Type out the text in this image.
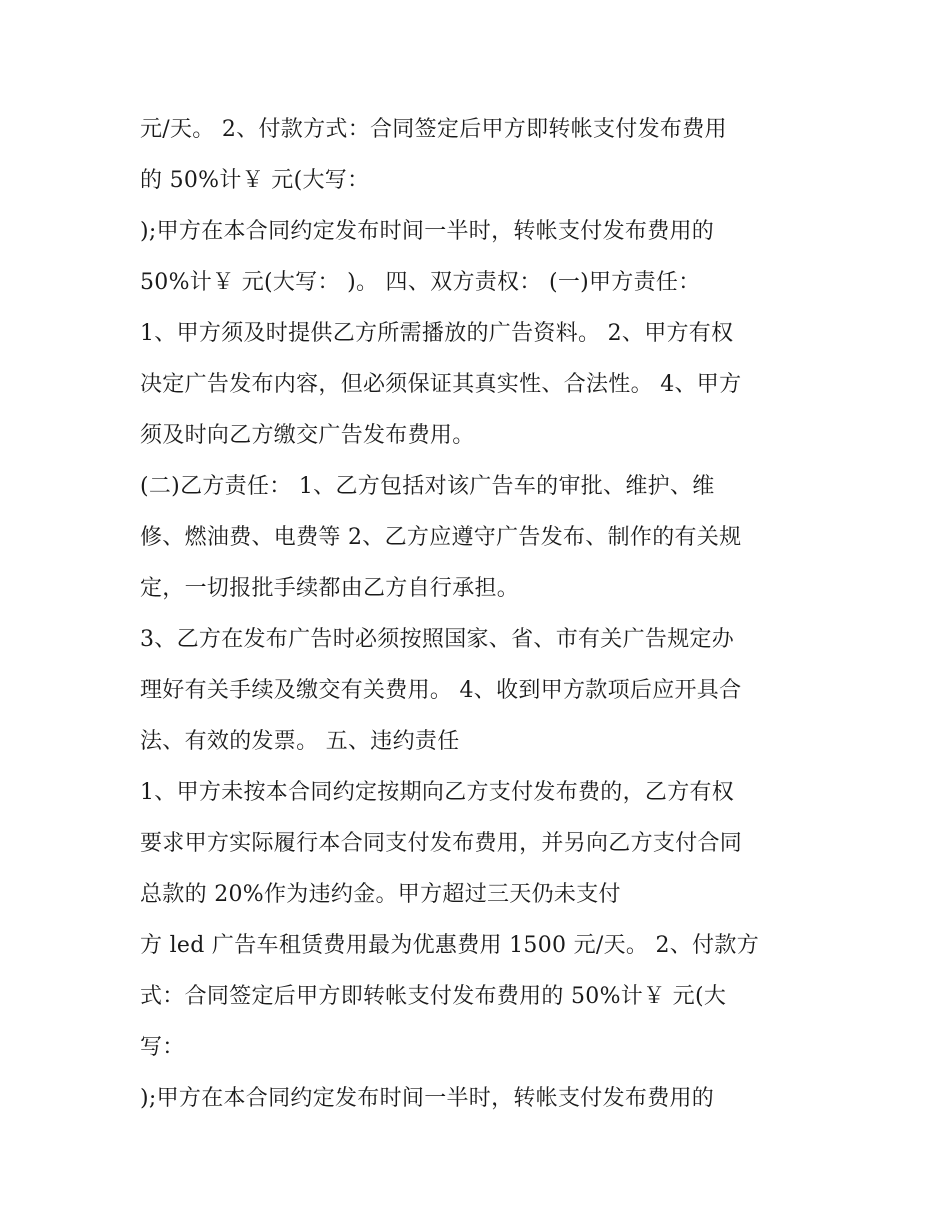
元/天。 2、付款方式：合同签定后甲方即转帐支付发布费用
的 50%计￥ 元(大写：
);甲方在本合同约定发布时间一半时，转帐支付发布费用的
50%计￥ 元(大写： )。 四、双方责权： (一)甲方责任：
1、甲方须及时提供乙方所需播放的广告资料。 2、甲方有权
决定广告发布内容，但必须保证其真实性、合法性。 4、甲方
须及时向乙方缴交广告发布费用。
(二)乙方责任： 1、乙方包括对该广告车的审批、维护、维
修、燃油费、电费等 2、乙方应遵守广告发布、制作的有关规
定，一切报批手续都由乙方自行承担。
3、乙方在发布广告时必须按照国家、省、市有关广告规定办
理好有关手续及缴交有关费用。 4、收到甲方款项后应开具合
法、有效的发票。 五、违约责任
1、甲方未按本合同约定按期向乙方支付发布费的，乙方有权
要求甲方实际履行本合同支付发布费用，并另向乙方支付合同
总款的 20%作为违约金。甲方超过三天仍未支付
方 led 广告车租赁费用最为优惠费用 1500 元/天。 2、付款方
式：合同签定后甲方即转帐支付发布费用的 50%计￥ 元(大
写：
);甲方在本合同约定发布时间一半时，转帐支付发布费用的
